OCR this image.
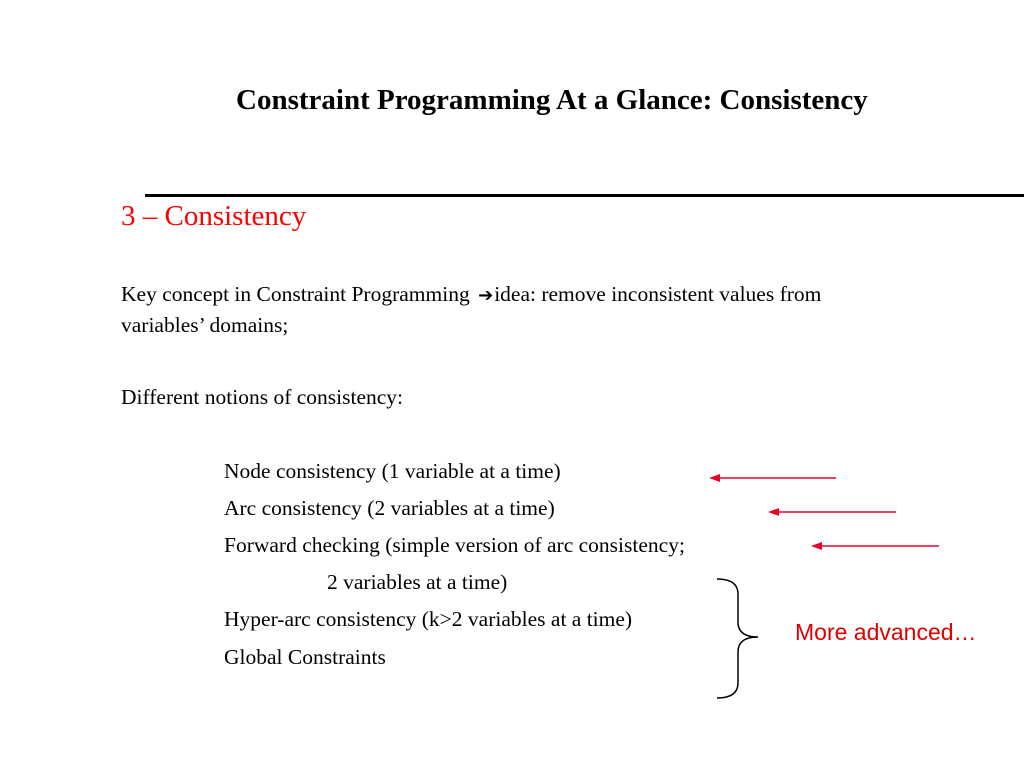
Constraint Programming At a Glance: Consistency
3 – Consistency
Key concept in Constraint Programming ➔idea: remove inconsistent values from
variables’ domains;
Different notions of consistency:
Node consistency (1 variable at a time)
Arc consistency (2 variables at a time)
Forward checking (simple version of arc consistency;
2 variables at a time)
Hyper-arc consistency (k>2 variables at a time)
Global Constraints
More advanced…
